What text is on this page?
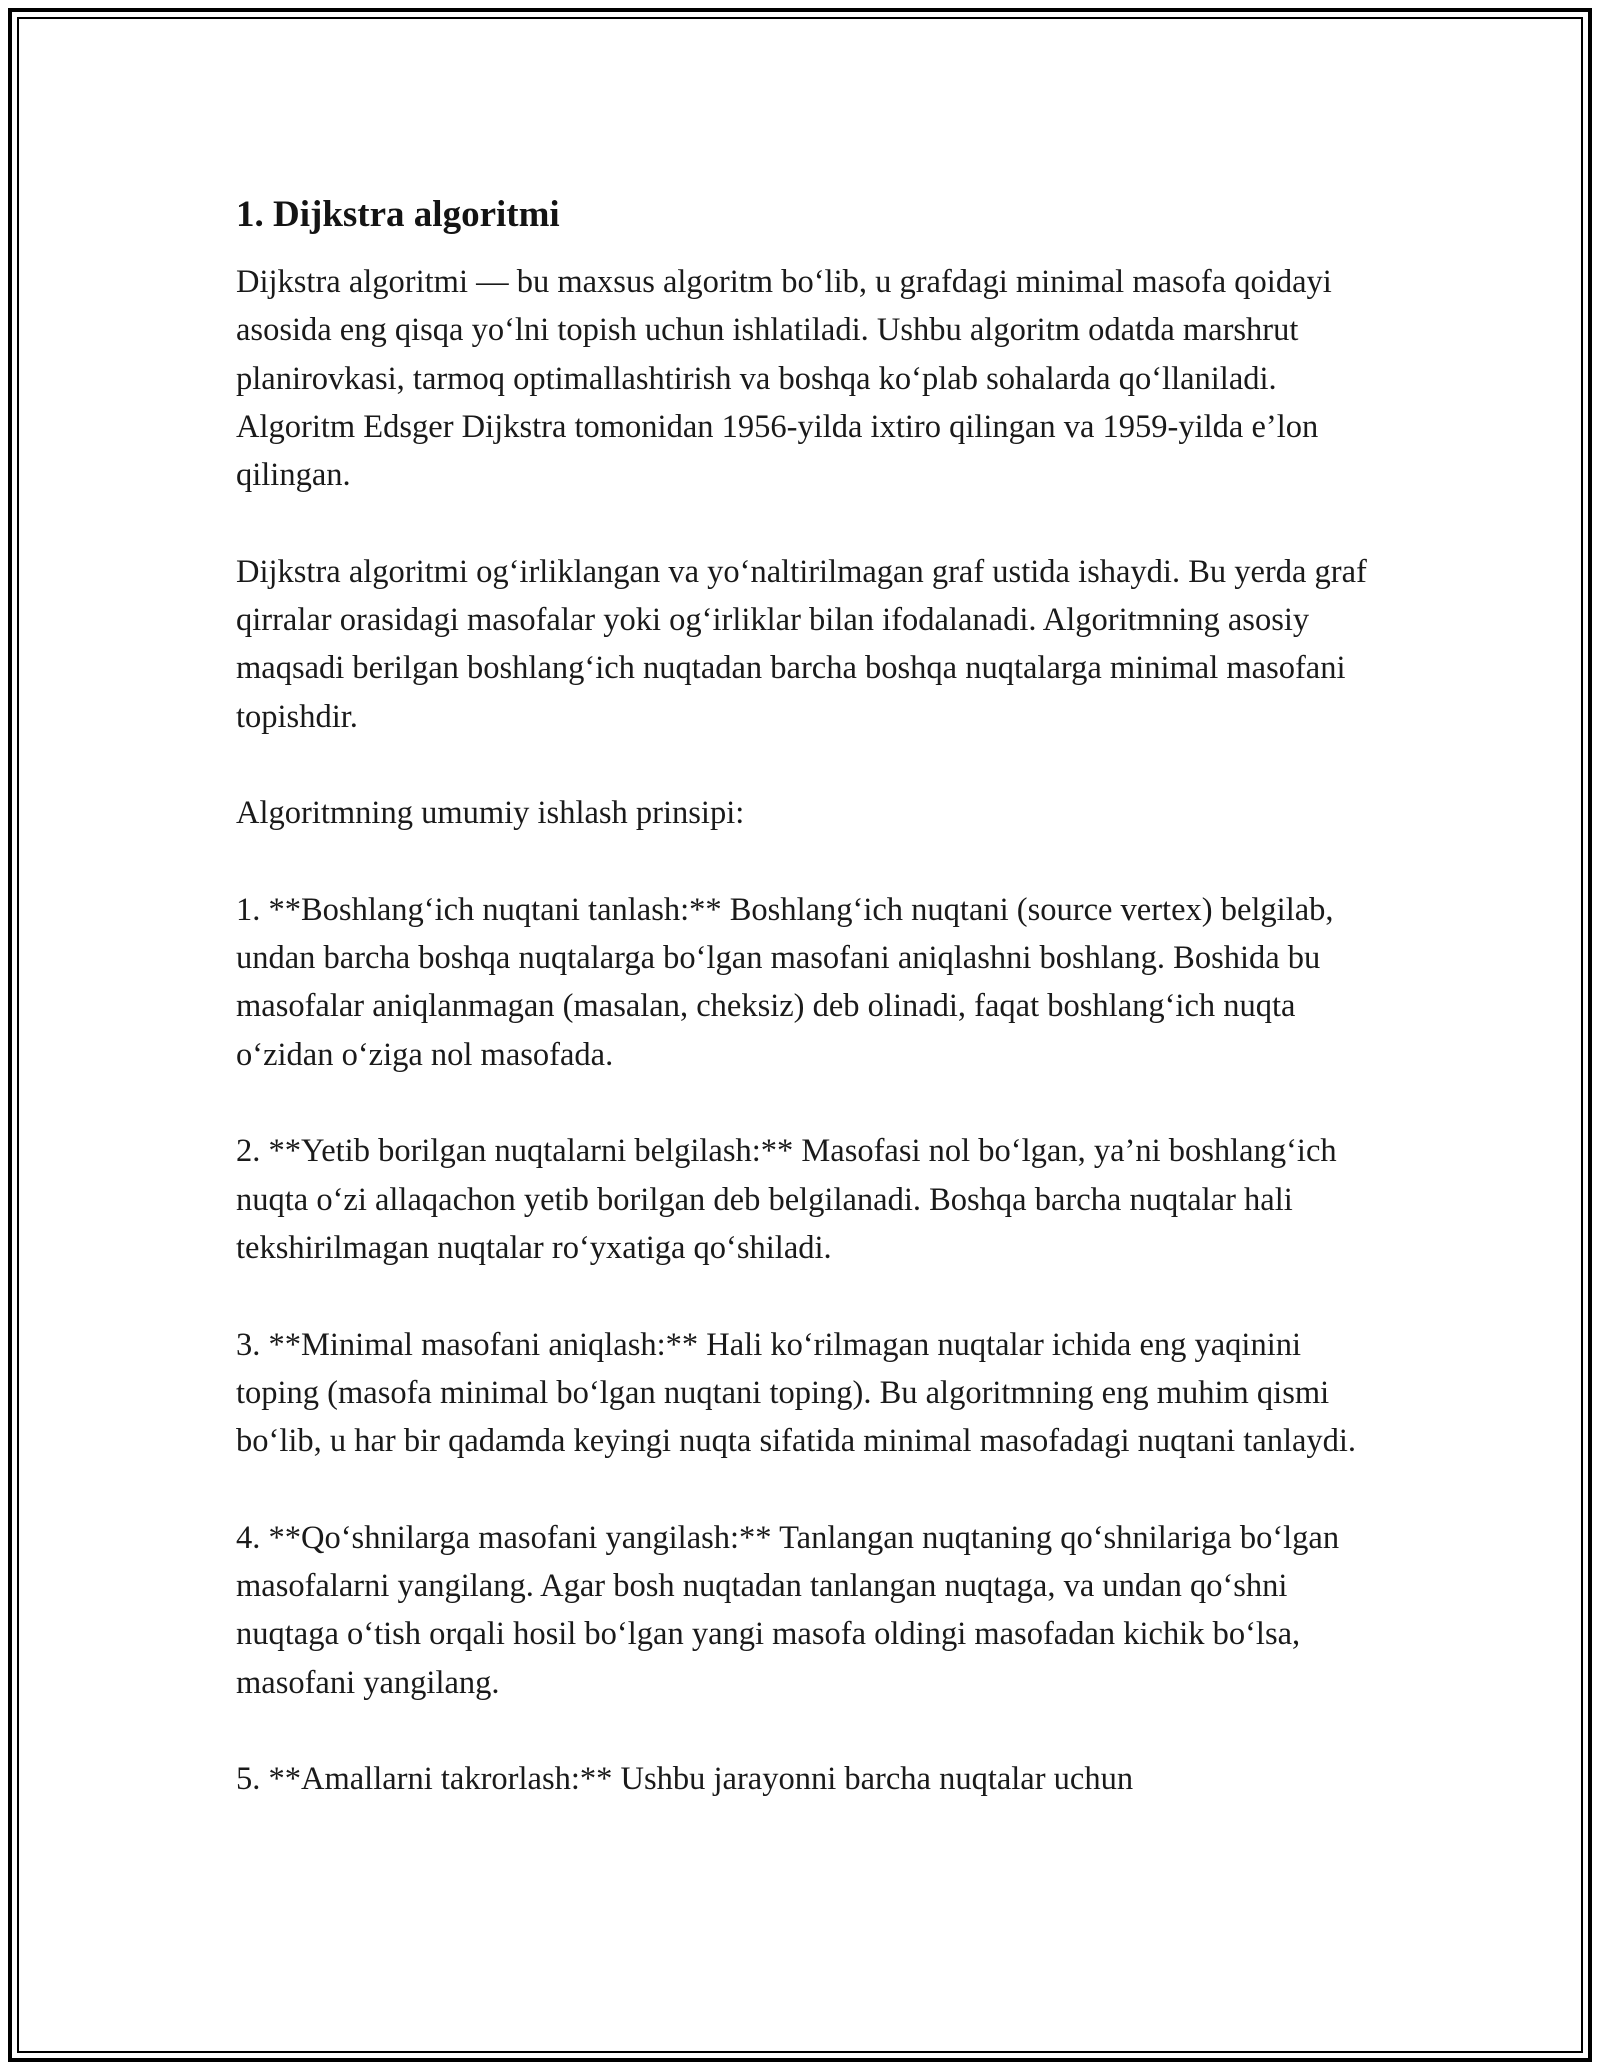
1. Dijkstra algoritmi

Dijkstra algoritmi — bu maxsus algoritm bo‘lib, u grafdagi minimal masofa qoidayi asosida eng qisqa yo‘lni topish uchun ishlatiladi. Ushbu algoritm odatda marshrut planirovkasi, tarmoq optimallashtirish va boshqa ko‘plab sohalarda qo‘llaniladi. Algoritm Edsger Dijkstra tomonidan 1956-yilda ixtiro qilingan va 1959-yilda e’lon qilingan.

Dijkstra algoritmi og‘irliklangan va yo‘naltirilmagan graf ustida ishaydi. Bu yerda graf qirralar orasidagi masofalar yoki og‘irliklar bilan ifodalanadi. Algoritmning asosiy maqsadi berilgan boshlang‘ich nuqtadan barcha boshqa nuqtalarga minimal masofani topishdir.

Algoritmning umumiy ishlash prinsipi:

1. **Boshlang‘ich nuqtani tanlash:** Boshlang‘ich nuqtani (source vertex) belgilab, undan barcha boshqa nuqtalarga bo‘lgan masofani aniqlashni boshlang. Boshida bu masofalar aniqlanmagan (masalan, cheksiz) deb olinadi, faqat boshlang‘ich nuqta o‘zidan o‘ziga nol masofada.

2. **Yetib borilgan nuqtalarni belgilash:** Masofasi nol bo‘lgan, ya’ni boshlang‘ich nuqta o‘zi allaqachon yetib borilgan deb belgilanadi. Boshqa barcha nuqtalar hali tekshirilmagan nuqtalar ro‘yxatiga qo‘shiladi.

3. **Minimal masofani aniqlash:** Hali ko‘rilmagan nuqtalar ichida eng yaqinini toping (masofa minimal bo‘lgan nuqtani toping). Bu algoritmning eng muhim qismi bo‘lib, u har bir qadamda keyingi nuqta sifatida minimal masofadagi nuqtani tanlaydi.

4. **Qo‘shnilarga masofani yangilash:** Tanlangan nuqtaning qo‘shnilariga bo‘lgan masofalarni yangilang. Agar bosh nuqtadan tanlangan nuqtaga, va undan qo‘shni nuqtaga o‘tish orqali hosil bo‘lgan yangi masofa oldingi masofadan kichik bo‘lsa, masofani yangilang.

5. **Amallarni takrorlash:** Ushbu jarayonni barcha nuqtalar uchun
